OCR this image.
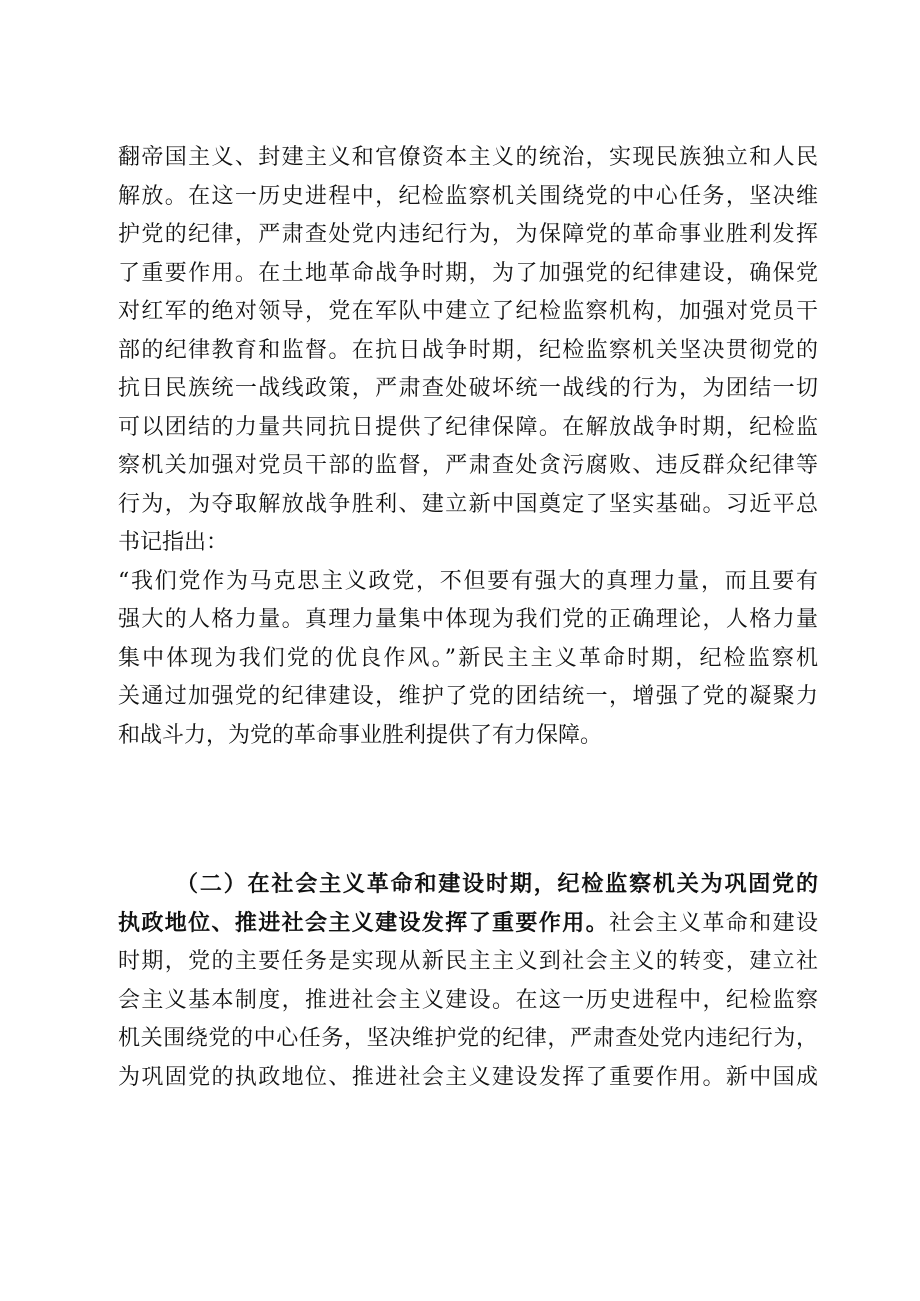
翻帝国主义、封建主义和官僚资本主义的统治，实现民族独立和人民
解放。在这一历史进程中，纪检监察机关围绕党的中心任务，坚决维
护党的纪律，严肃查处党内违纪行为，为保障党的革命事业胜利发挥
了重要作用。在土地革命战争时期，为了加强党的纪律建设，确保党
对红军的绝对领导，党在军队中建立了纪检监察机构，加强对党员干
部的纪律教育和监督。在抗日战争时期，纪检监察机关坚决贯彻党的
抗日民族统一战线政策，严肃查处破坏统一战线的行为，为团结一切
可以团结的力量共同抗日提供了纪律保障。在解放战争时期，纪检监
察机关加强对党员干部的监督，严肃查处贪污腐败、违反群众纪律等
行为，为夺取解放战争胜利、建立新中国奠定了坚实基础。习近平总
书记指出：
“我们党作为马克思主义政党，不但要有强大的真理力量，而且要有
强大的人格力量。真理力量集中体现为我们党的正确理论，人格力量
集中体现为我们党的优良作风。”新民主主义革命时期，纪检监察机
关通过加强党的纪律建设，维护了党的团结统一，增强了党的凝聚力
和战斗力，为党的革命事业胜利提供了有力保障。
（二）在社会主义革命和建设时期，纪检监察机关为巩固党的
执政地位、推进社会主义建设发挥了重要作用。社会主义革命和建设
时期，党的主要任务是实现从新民主主义到社会主义的转变，建立社
会主义基本制度，推进社会主义建设。在这一历史进程中，纪检监察
机关围绕党的中心任务，坚决维护党的纪律，严肃查处党内违纪行为，
为巩固党的执政地位、推进社会主义建设发挥了重要作用。新中国成
